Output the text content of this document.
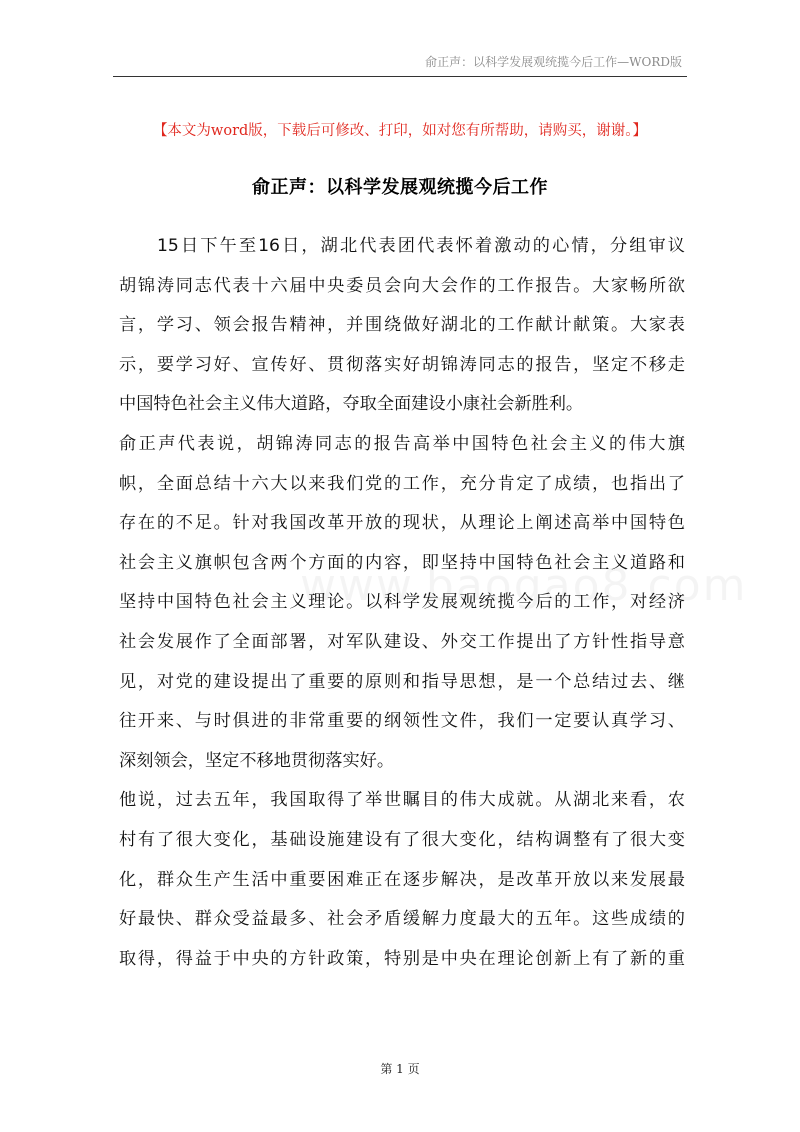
俞正声：以科学发展观统揽今后工作—WORD版
【本文为word版，下载后可修改、打印，如对您有所帮助，请购买，谢谢。】
俞正声：以科学发展观统揽今后工作
15日下午至16日，湖北代表团代表怀着激动的心情，分组审议
胡锦涛同志代表十六届中央委员会向大会作的工作报告。大家畅所欲
言，学习、领会报告精神，并围绕做好湖北的工作献计献策。大家表
示，要学习好、宣传好、贯彻落实好胡锦涛同志的报告，坚定不移走
中国特色社会主义伟大道路，夺取全面建设小康社会新胜利。
俞正声代表说，胡锦涛同志的报告高举中国特色社会主义的伟大旗
帜，全面总结十六大以来我们党的工作，充分肯定了成绩，也指出了
存在的不足。针对我国改革开放的现状，从理论上阐述高举中国特色
社会主义旗帜包含两个方面的内容，即坚持中国特色社会主义道路和
坚持中国特色社会主义理论。以科学发展观统揽今后的工作，对经济
社会发展作了全面部署，对军队建设、外交工作提出了方针性指导意
见，对党的建设提出了重要的原则和指导思想，是一个总结过去、继
往开来、与时俱进的非常重要的纲领性文件，我们一定要认真学习、
深刻领会，坚定不移地贯彻落实好。
他说，过去五年，我国取得了举世瞩目的伟大成就。从湖北来看，农
村有了很大变化，基础设施建设有了很大变化，结构调整有了很大变
化，群众生产生活中重要困难正在逐步解决，是改革开放以来发展最
好最快、群众受益最多、社会矛盾缓解力度最大的五年。这些成绩的
取得，得益于中央的方针政策，特别是中央在理论创新上有了新的重
第 1 页
